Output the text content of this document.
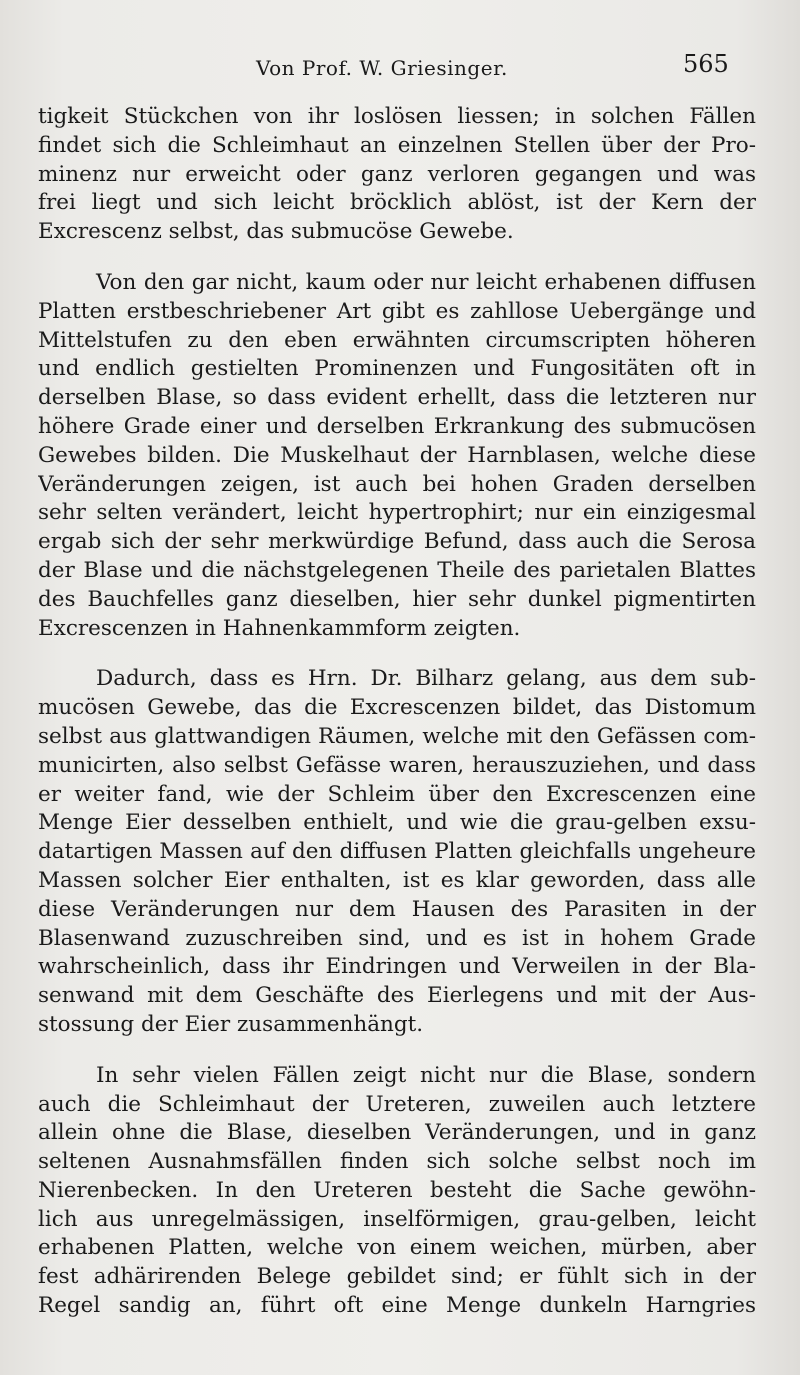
Von Prof. W. Griesinger.	565
tigkeit Stückchen von ihr loslösen liessen; in solchen Fällen
findet sich die Schleimhaut an einzelnen Stellen über der Pro-
minenz nur erweicht oder ganz verloren gegangen und was
frei liegt und sich leicht bröcklich ablöst, ist der Kern der
Excrescenz selbst, das submucöse Gewebe.
Von den gar nicht, kaum oder nur leicht erhabenen diffusen
Platten erstbeschriebener Art gibt es zahllose Uebergänge und
Mittelstufen zu den eben erwähnten circumscripten höheren
und endlich gestielten Prominenzen und Fungositäten oft in
derselben Blase, so dass evident erhellt, dass die letzteren nur
höhere Grade einer und derselben Erkrankung des submucösen
Gewebes bilden. Die Muskelhaut der Harnblasen, welche diese
Veränderungen zeigen, ist auch bei hohen Graden derselben
sehr selten verändert, leicht hypertrophirt; nur ein einzigesmal
ergab sich der sehr merkwürdige Befund, dass auch die Serosa
der Blase und die nächstgelegenen Theile des parietalen Blattes
des Bauchfelles ganz dieselben, hier sehr dunkel pigmentirten
Excrescenzen in Hahnenkammform zeigten.
Dadurch, dass es Hrn. Dr. Bilharz gelang, aus dem sub-
mucösen Gewebe, das die Excrescenzen bildet, das Distomum
selbst aus glattwandigen Räumen, welche mit den Gefässen com-
municirten, also selbst Gefässe waren, herauszuziehen, und dass
er weiter fand, wie der Schleim über den Excrescenzen eine
Menge Eier desselben enthielt, und wie die grau-gelben exsu-
datartigen Massen auf den diffusen Platten gleichfalls ungeheure
Massen solcher Eier enthalten, ist es klar geworden, dass alle
diese Veränderungen nur dem Hausen des Parasiten in der
Blasenwand zuzuschreiben sind, und es ist in hohem Grade
wahrscheinlich, dass ihr Eindringen und Verweilen in der Bla-
senwand mit dem Geschäfte des Eierlegens und mit der Aus-
stossung der Eier zusammenhängt.
In sehr vielen Fällen zeigt nicht nur die Blase, sondern
auch die Schleimhaut der Ureteren, zuweilen auch letztere
allein ohne die Blase, dieselben Veränderungen, und in ganz
seltenen Ausnahmsfällen finden sich solche selbst noch im
Nierenbecken. In den Ureteren besteht die Sache gewöhn-
lich aus unregelmässigen, inselförmigen, grau-gelben, leicht
erhabenen Platten, welche von einem weichen, mürben, aber
fest adhärirenden Belege gebildet sind; er fühlt sich in der
Regel sandig an, führt oft eine Menge dunkeln Harngries
